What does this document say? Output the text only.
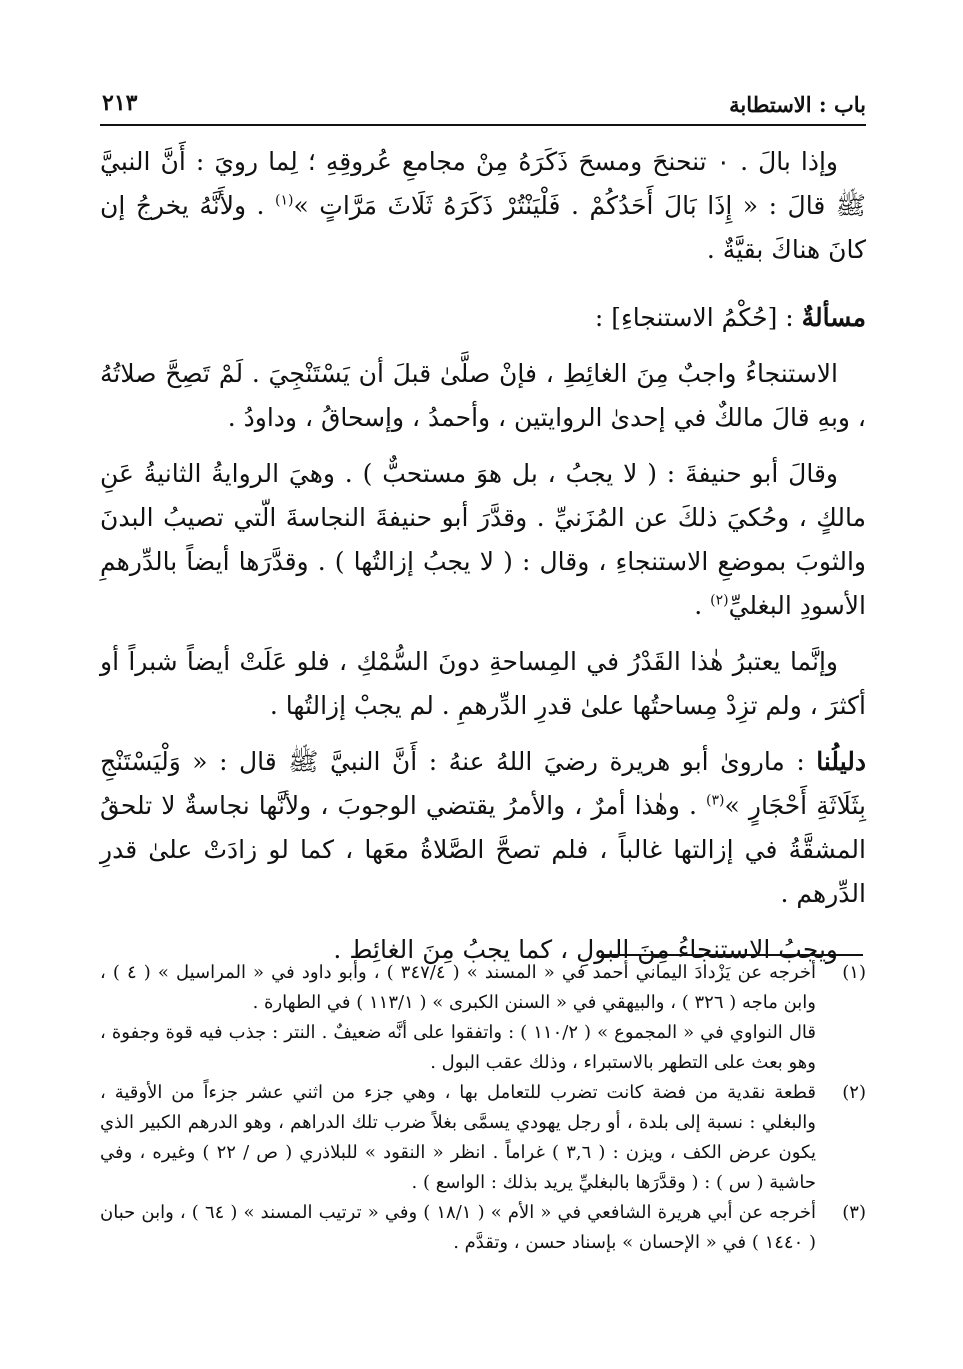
باب : الاستطابة
٢١٣

وإذا بالَ . ٠ تنحنحَ ومسحَ ذَكَرَهُ مِنْ مجامعِ عُروقِهِ ؛ لِما رويَ : أَنَّ النبيَّ ﷺ قالَ : « إِذَا بَالَ أَحَدُكُمْ . فَلْيَنْتُرْ ذَكَرَهُ ثَلَاثَ مَرَّاتٍ »$^{(١)}$ . ولأَنَّهُ يخرجُ إن كانَ هناكَ بقيَّةٌ .

مسألةٌ : [حُكْمُ الاستنجاءِ] :

الاستنجاءُ واجبٌ مِنَ الغائِطِ ، فإنْ صلَّىٰ قبلَ أن يَسْتَنْجِيَ . لَمْ تَصِحَّ صلاتُهُ ، وبهِ قالَ مالكٌ في إحدىٰ الروايتين ، وأحمدُ ، وإسحاقُ ، وداودُ .

وقالَ أبو حنيفةَ : ( لا يجبُ ، بل هوَ مستحبٌّ ) . وهيَ الروايةُ الثانيةُ عَنِ مالكٍ ، وحُكيَ ذلكَ عن المُزَنيِّ . وقدَّرَ أبو حنيفةَ النجاسةَ الّتي تصيبُ البدنَ والثوبَ بموضعِ الاستنجاءِ ، وقال : ( لا يجبُ إزالتُها ) . وقدَّرَها أيضاً بالدِّرهمِ الأسودِ البغليِّ$^{(٢)}$ .

وإنَّما يعتبرُ هٰذا القَدْرُ في المِساحةِ دونَ السُّمْكِ ، فلو عَلَتْ أيضاً شبراً أو أكثرَ ، ولم تزِدْ مِساحتُها علىٰ قدرِ الدِّرهمِ . لم يجبْ إزالتُها .

دليلُنا : ماروىٰ أبو هريرة رضيَ اللهُ عنهُ : أَنَّ النبيَّ ﷺ قال : « وَلْيَسْتَنْجِ بِثَلَاثَةِ أَحْجَارٍ »$^{(٣)}$ . وهٰذا أمرٌ ، والأمرُ يقتضي الوجوبَ ، ولأنَّها نجاسةٌ لا تلحقُ المشقَّةُ في إزالتها غالباً ، فلم تصحَّ الصَّلاةُ معَها ، كما لو زادَتْ علىٰ قدرِ الدِّرهم .

ويجبُ الاستنجاءُ مِنَ البولِ ، كما يجبُ مِنَ الغائِط .

(١)

أخرجه عن يَزْدادَ اليماني أحمد في « المسند » ( ٣٤٧/٤ ) ، وأبو داود في « المراسيل » ( ٤ ) ، وابن ماجه ( ٣٢٦ ) ، والبيهقي في « السنن الكبرى » ( ١١٣/١ ) في الطهارة .

قال النواوي في « المجموع » ( ١١٠/٢ ) : واتفقوا على أنَّه ضعيفٌ . النتر : جذب فيه قوة وجفوة ، وهو بعث على التطهر بالاستبراء ، وذلك عقب البول .

(٢)

قطعة نقدية من فضة كانت تضرب للتعامل بها ، وهي جزء من اثني عشر جزءاً من الأوقية ، والبغلي : نسبة إلى بلدة ، أو رجل يهودي يسمَّى بغلاً ضرب تلك الدراهم ، وهو الدرهم الكبير الذي يكون عرض الكف ، ويزن : ( ٣,٦ ) غراماً . انظر « النقود » للبلاذري ( ص / ٢٢ ) وغيره ، وفي حاشية ( س ) : ( وقدَّرَها بالبغليِّ يريد بذلك : الواسع ) .

(٣)

أخرجه عن أبي هريرة الشافعي في « الأم » ( ١٨/١ ) وفي « ترتيب المسند » ( ٦٤ ) ، وابن حبان ( ١٤٤٠ ) في « الإحسان » بإسناد حسن ، وتقدَّم .
